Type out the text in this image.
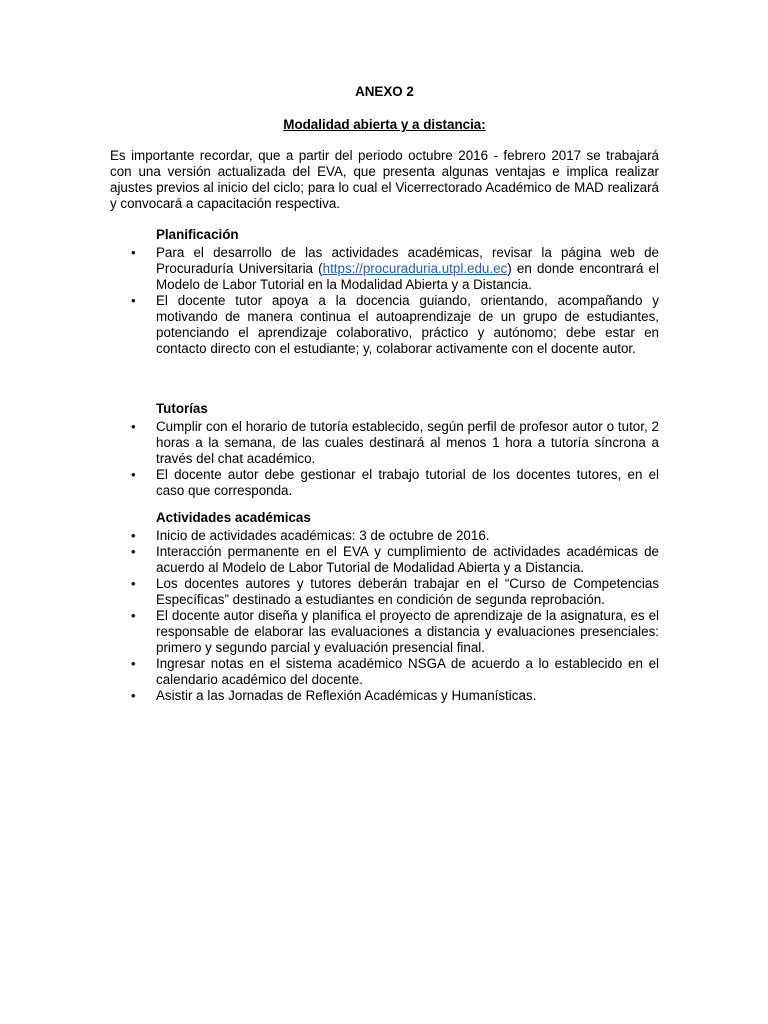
ANEXO 2

Modalidad abierta y a distancia:

Es importante recordar, que a partir del periodo octubre 2016 - febrero 2017 se trabajará con una versión actualizada del EVA, que presenta algunas ventajas e implica realizar ajustes previos al inicio del ciclo; para lo cual el Vicerrectorado Académico de MAD realizará y convocará a capacitación respectiva.

Planificación

• Para el desarrollo de las actividades académicas, revisar la página web de Procuraduría Universitaria (https://procuraduria.utpl.edu.ec) en donde encontrará el Modelo de Labor Tutorial en la Modalidad Abierta y a Distancia.
• El docente tutor apoya a la docencia guiando, orientando, acompañando y motivando de manera continua el autoaprendizaje de un grupo de estudiantes, potenciando el aprendizaje colaborativo, práctico y autónomo; debe estar en contacto directo con el estudiante; y, colaborar activamente con el docente autor.

Tutorías

• Cumplir con el horario de tutoría establecido, según perfil de profesor autor o tutor, 2 horas a la semana, de las cuales destinará al menos 1 hora a tutoría síncrona a través del chat académico.
• El docente autor debe gestionar el trabajo tutorial de los docentes tutores, en el caso que corresponda.

Actividades académicas

• Inicio de actividades académicas: 3 de octubre de 2016.
• Interacción permanente en el EVA y cumplimiento de actividades académicas de acuerdo al Modelo de Labor Tutorial de Modalidad Abierta y a Distancia.
• Los docentes autores y tutores deberán trabajar en el “Curso de Competencias Específicas” destinado a estudiantes en condición de segunda reprobación.
• El docente autor diseña y planifica el proyecto de aprendizaje de la asignatura, es el responsable de elaborar las evaluaciones a distancia y evaluaciones presenciales: primero y segundo parcial y evaluación presencial final.
• Ingresar notas en el sistema académico NSGA de acuerdo a lo establecido en el calendario académico del docente.
• Asistir a las Jornadas de Reflexión Académicas y Humanísticas.
